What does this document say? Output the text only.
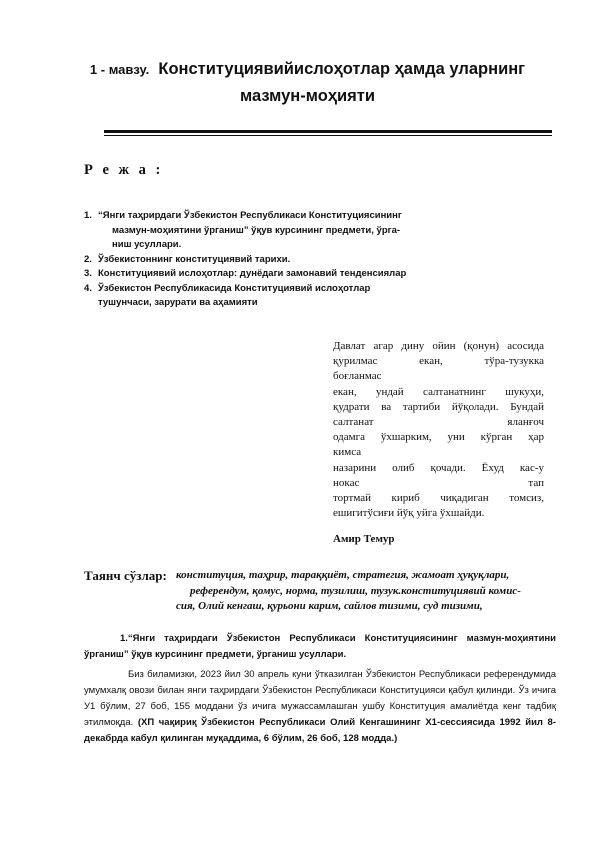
1 - мавзу. Конституциявийислоҳотлар ҳамда уларнинг
мазмун-моҳияти
Р е ж а :
1. “Янги таҳрирдаги Ўзбекистон Республикаси Конституциясининг
мазмун-моҳиятини ўрганиш” ўқув курсининг предмети, ўрга-
ниш усуллари.
2. Ўзбекистоннинг конституциявий тарихи.
3. Конституциявий ислоҳотлар: дунёдаги замонавий тенденсиялар
4. Ўзбекистон Республикасида Конституциявий ислоҳотлар
тушунчаси, зарурати ва аҳамияти
Давлат агар дину ойин (қонун) асосида
қурилмас екан, тўра-тузукка
боғланмас
екан, ундай салтанатнинг шукуҳи,
қудрати ва тартиби йўқолади. Бундай
салтанат яланғоч
одамга ўхшарким, уни кўрган ҳар
кимса
назарини олиб қочади. Ёхуд кас-у
нокас тап
тортмай кириб чиқадиган томсиз,
ешигитўсиғи йўқ уйга ўхшайди.
Амир Темур
Таянч сўзлар: конституция, таҳрир, тараққиёт, стратегия, жамоат ҳуқуқлари,
референдум, қомус, норма, тузилиш, тузук.конституциявий комис-
сия, Олий кенгаш, қурьони карим, сайлов тизими, суд тизими,
1.“Янги таҳрирдаги Ўзбекистон Республикаси Конституциясининг мазмун-моҳиятини ўрганиш” ўқув курсининг предмети, ўрганиш усуллари.
Биз биламизки, 2023 йил 30 апрель куни ўтказилган Ўзбекистон Республикаси референдумида умумхалқ овози билан янги таҳрирдаги Ўзбекистон Республикаси Конституцияси қабул қилинди. Ўз ичига У1 бўлим, 27 боб, 155 моддани ўз ичига мужассамлашган ушбу Конституция амалиётда кенг тадбиқ этилмоқда. (ХП чақириқ Ўзбекистон Республикаси Олий Кенгашининг Х1-сессиясида 1992 йил 8-декабрда кабул қилинган муқаддима, 6 бўлим, 26 боб, 128 модда.)
